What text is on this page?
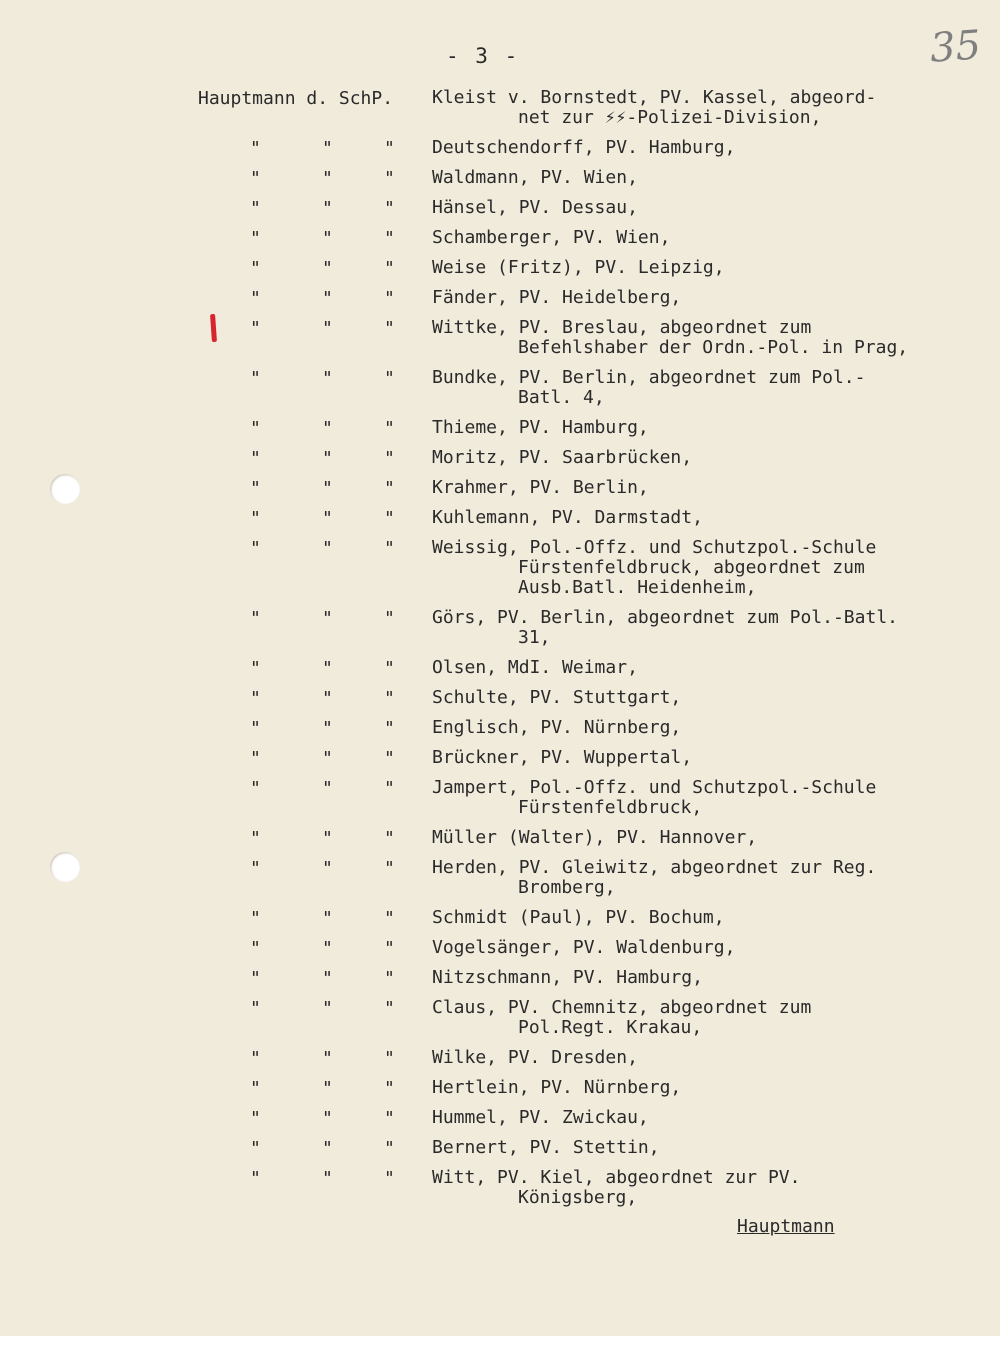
- 3 -	35
Hauptmann d. SchP. Kleist v. Bornstedt, PV. Kassel, abgeord-
net zur ⚡⚡-Polizei-Division,
"	"	" Deutschendorff, PV. Hamburg,
"	"	" Waldmann, PV. Wien,
"	"	" Hänsel, PV. Dessau,
"	"	" Schamberger, PV. Wien,
"	"	" Weise (Fritz), PV. Leipzig,
"	"	" Fänder, PV. Heidelberg,
"	"	" Wittke, PV. Breslau, abgeordnet zum
Befehlshaber der Ordn.-Pol. in Prag,
"	"	" Bundke, PV. Berlin, abgeordnet zum Pol.-
Batl. 4,
"	"	" Thieme, PV. Hamburg,
"	"	" Moritz, PV. Saarbrücken,
"	"	" Krahmer, PV. Berlin,
"	"	" Kuhlemann, PV. Darmstadt,
"	"	" Weissig, Pol.-Offz. und Schutzpol.-Schule
Fürstenfeldbruck, abgeordnet zum
Ausb.Batl. Heidenheim,
"	"	" Görs, PV. Berlin, abgeordnet zum Pol.-Batl.
31,
"	"	" Olsen, MdI. Weimar,
"	"	" Schulte, PV. Stuttgart,
"	"	" Englisch, PV. Nürnberg,
"	"	" Brückner, PV. Wuppertal,
"	"	" Jampert, Pol.-Offz. und Schutzpol.-Schule
Fürstenfeldbruck,
"	"	" Müller (Walter), PV. Hannover,
"	"	" Herden, PV. Gleiwitz, abgeordnet zur Reg.
Bromberg,
"	"	" Schmidt (Paul), PV. Bochum,
"	"	" Vogelsänger, PV. Waldenburg,
"	"	" Nitzschmann, PV. Hamburg,
"	"	" Claus, PV. Chemnitz, abgeordnet zum
Pol.Regt. Krakau,
"	"	" Wilke, PV. Dresden,
"	"	" Hertlein, PV. Nürnberg,
"	"	" Hummel, PV. Zwickau,
"	"	" Bernert, PV. Stettin,
"	"	" Witt, PV. Kiel, abgeordnet zur PV.
Königsberg,
Hauptmann
